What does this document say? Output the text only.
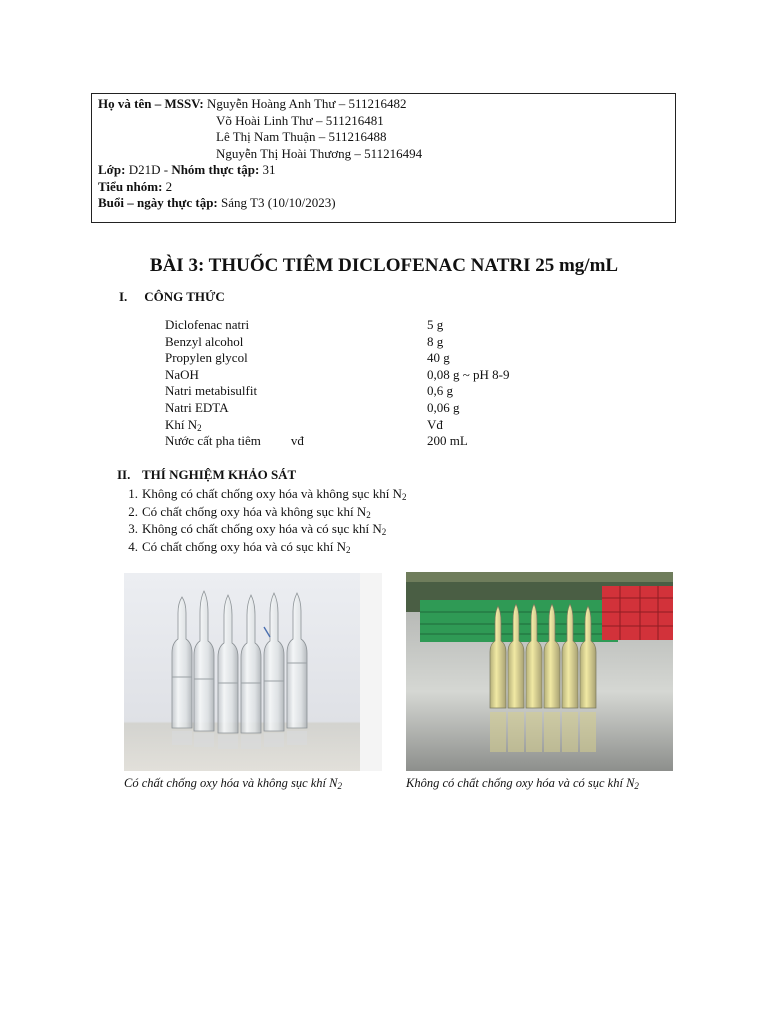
Họ và tên – MSSV: Nguyễn Hoàng Anh Thư – 511216482
Võ Hoài Linh Thư – 511216481
Lê Thị Nam Thuận – 511216488
Nguyễn Thị Hoài Thương – 511216494
Lớp: D21D - Nhóm thực tập: 31
Tiểu nhóm: 2
Buổi – ngày thực tập: Sáng T3 (10/10/2023)
BÀI 3: THUỐC TIÊM DICLOFENAC NATRI 25 mg/mL
I. CÔNG THỨC
Diclofenac natri	5 g
Benzyl alcohol	8 g
Propylen glycol	40 g
NaOH	0,08 g ~ pH 8-9
Natri metabisulfit	0,6 g
Natri EDTA	0,06 g
Khí $N_2$	Vđ
Nước cất pha tiêm vđ	200 mL
II. THÍ NGHIỆM KHẢO SÁT
1. Không có chất chống oxy hóa và không sục khí $N_2$
2. Có chất chống oxy hóa và không sục khí $N_2$
3. Không có chất chống oxy hóa và có sục khí $N_2$
4. Có chất chống oxy hóa và có sục khí $N_2$
Có chất chống oxy hóa và không sục khí $N_2$	Không có chất chống oxy hóa và có sục khí $N_2$
